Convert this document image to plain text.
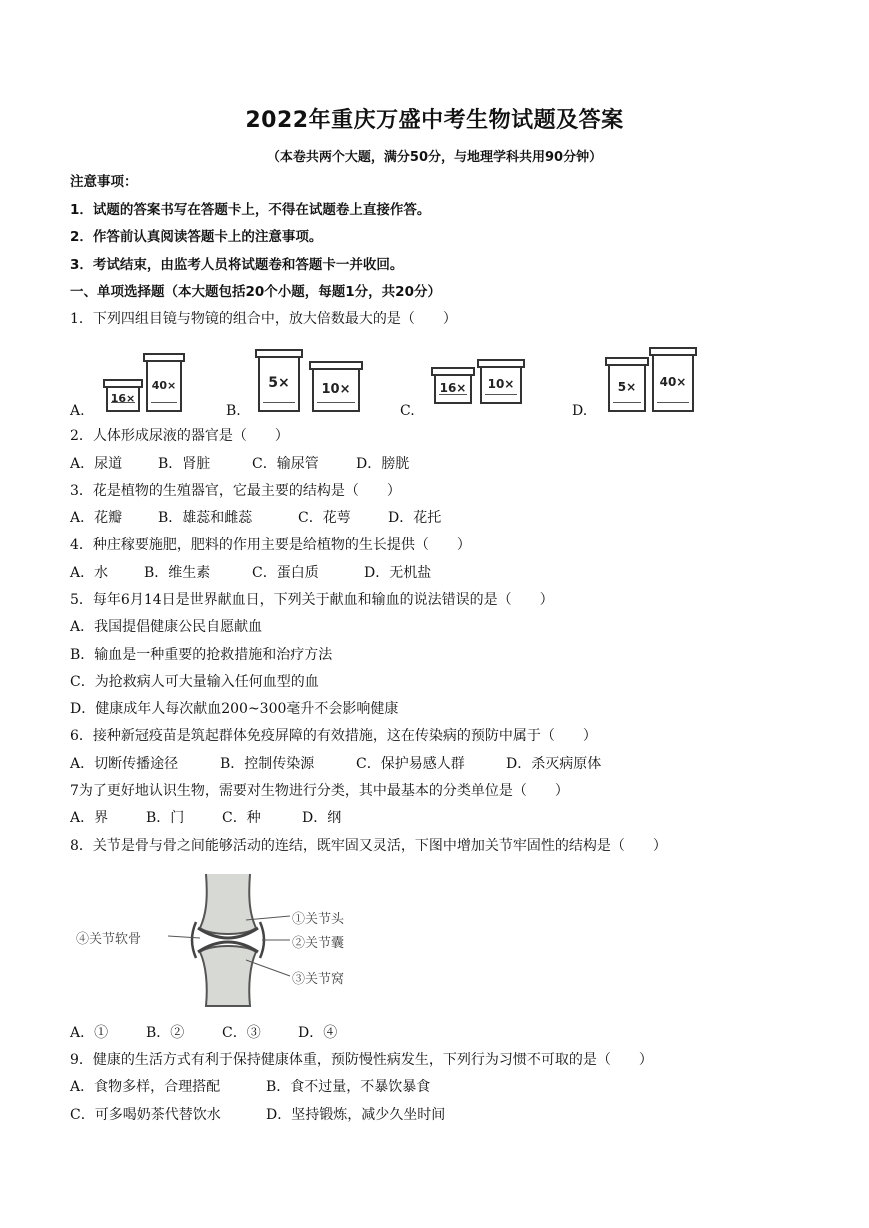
2022年重庆万盛中考生物试题及答案
（本卷共两个大题，满分50分，与地理学科共用90分钟）
注意事项：
1．试题的答案书写在答题卡上，不得在试题卷上直接作答。
2．作答前认真阅读答题卡上的注意事项。
3．考试结束，由监考人员将试题卷和答题卡一并收回。
一、单项选择题（本大题包括20个小题，每题1分，共20分）
1．下列四组目镜与物镜的组合中，放大倍数最大的是（　　）
A.
16×
40×
B.
5× 10×
C.
16× 10×
D.
5× 40×
2．人体形成尿液的器官是（　　）
A．尿道	B．肾脏	C．输尿管	D．膀胱
3．花是植物的生殖器官，它最主要的结构是（　　）
A．花瓣	B．雄蕊和雌蕊	C．花萼	D．花托
4．种庄稼要施肥，肥料的作用主要是给植物的生长提供（　　）
A．水	B．维生素	C．蛋白质	D．无机盐
5．每年6月14日是世界献血日，下列关于献血和输血的说法错误的是（　　）
A．我国提倡健康公民自愿献血
B．输血是一种重要的抢救措施和治疗方法
C．为抢救病人可大量输入任何血型的血
D．健康成年人每次献血200~300毫升不会影响健康
6．接种新冠疫苗是筑起群体免疫屏障的有效措施，这在传染病的预防中属于（　　）
A．切断传播途径	B．控制传染源	C．保护易感人群	D．杀灭病原体
7为了更好地认识生物，需要对生物进行分类，其中最基本的分类单位是（　　）
A．界	B．门	C．种	D．纲
8．关节是骨与骨之间能够活动的连结，既牢固又灵活，下图中增加关节牢固性的结构是（　　）
①关节头
②关节囊
③关节窝
④关节软骨
A．①	B．②	C．③	D．④
9．健康的生活方式有利于保持健康体重，预防慢性病发生，下列行为习惯不可取的是（　　）
A．食物多样，合理搭配	B．食不过量，不暴饮暴食
C．可多喝奶茶代替饮水	D．坚持锻炼，减少久坐时间
